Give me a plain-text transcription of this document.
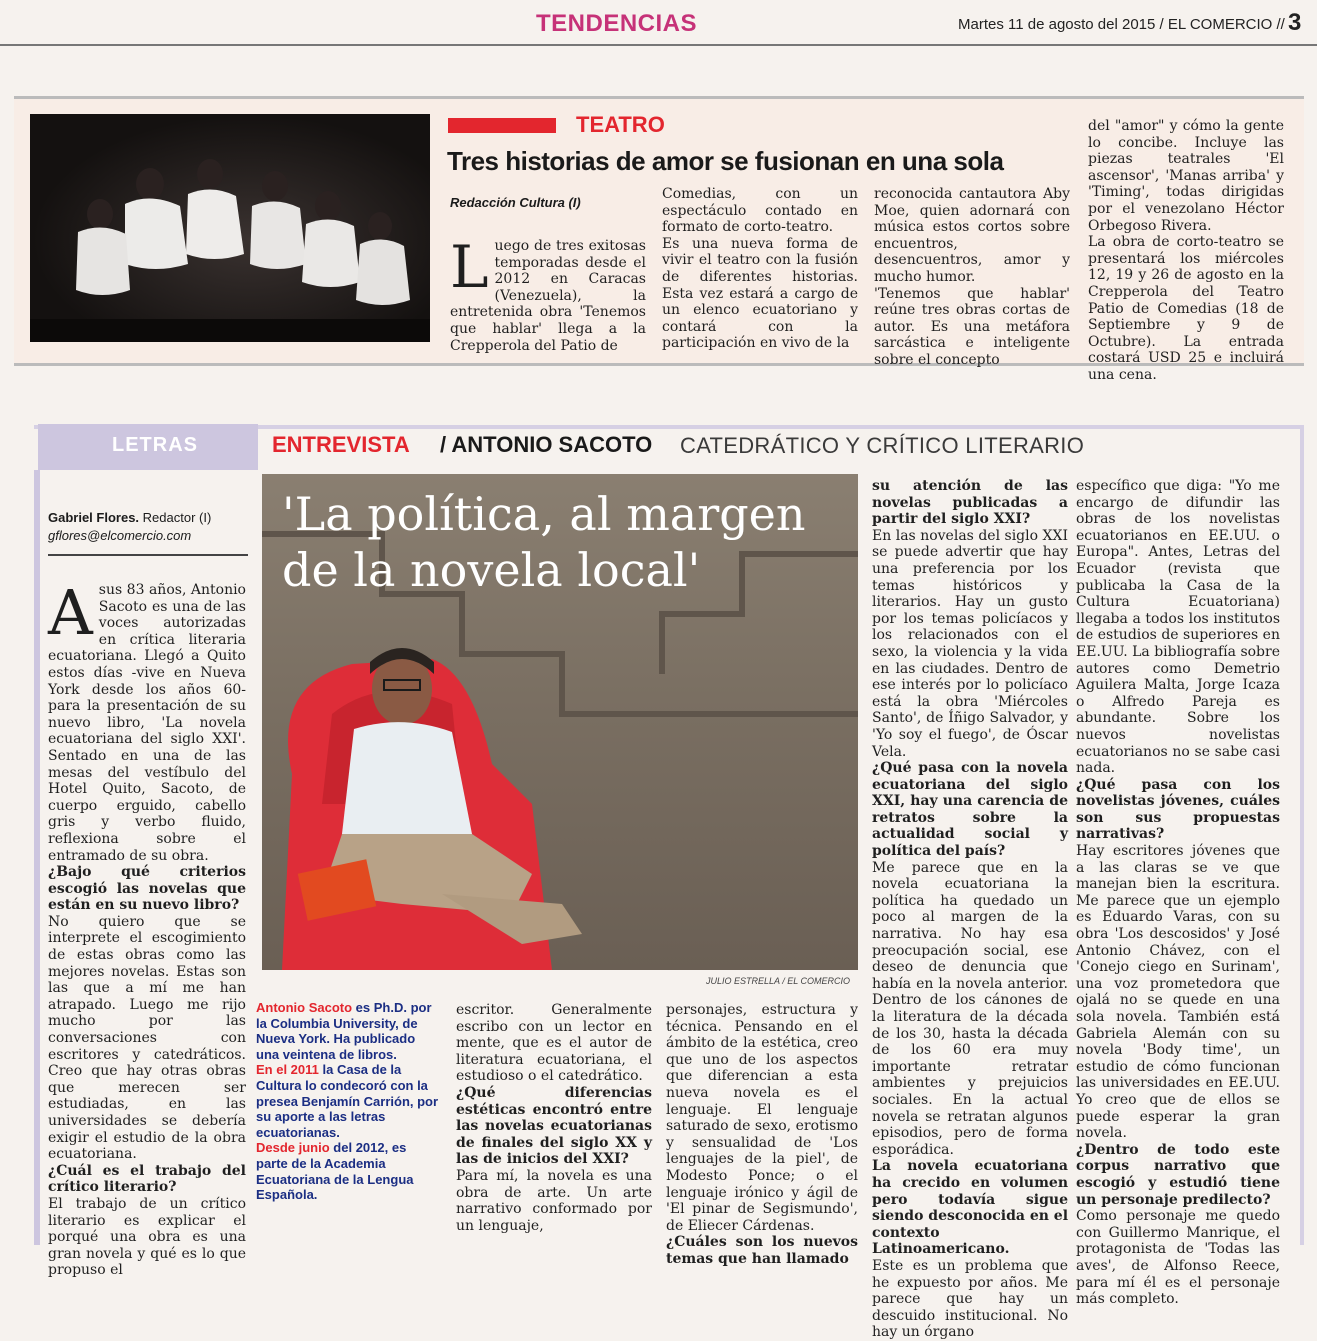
TENDENCIAS	Martes 11 de agosto del 2015 / EL COMERCIO // 3
TEATRO
Tres historias de amor se fusionan en una sola
Redacción Cultura (I)
Luego de tres exitosas temporadas desde el 2012 en Caracas (Venezuela), la entretenida obra 'Tenemos que hablar' llega a la Crepperola del Patio de
Comedias, con un espectáculo contado en formato de corto-teatro.
Es una nueva forma de vivir el teatro con la fusión de diferentes historias. Esta vez estará a cargo de un elenco ecuatoriano y contará con la participación en vivo de la
reconocida cantautora Aby Moe, quien adornará con música estos cortos sobre encuentros, desencuentros, amor y mucho humor.
'Tenemos que hablar' reúne tres obras cortas de autor. Es una metáfora sarcástica e inteligente sobre el concepto
del "amor" y cómo la gente lo concibe. Incluye las piezas teatrales 'El ascensor', 'Manas arriba' y 'Timing', todas dirigidas por el venezolano Héctor Orbegoso Rivera.
La obra de corto-teatro se presentará los miércoles 12, 19 y 26 de agosto en la Crepperola del Teatro Patio de Comedias (18 de Septiembre y 9 de Octubre). La entrada costará USD 25 e incluirá una cena.
LETRAS	ENTREVISTA / ANTONIO SACOTO CATEDRÁTICO Y CRÍTICO LITERARIO
Gabriel Flores. Redactor (I)
gflores@elcomercio.com 'La política, al margen de la novela local'
JULIO ESTRELLA / EL COMERCIO

A sus 83 años, Antonio Sacoto es una de las voces autorizadas en crítica literaria ecuatoriana. Llegó a Quito estos días -vive en Nueva York desde los años 60- para la presentación de su nuevo libro, 'La novela ecuatoriana del siglo XXI'. Sentado en una de las mesas del vestíbulo del Hotel Quito, Sacoto, de cuerpo erguido, cabello gris y verbo fluido, reflexiona sobre el entramado de su obra.

¿Bajo qué criterios escogió las novelas que están en su nuevo libro?

No quiero que se interprete el escogimiento de estas obras como las mejores novelas. Estas son las que a mí me han atrapado. Luego me rijo mucho por las conversaciones con escritores y catedráticos. Creo que hay otras obras que merecen ser estudiadas, en las universidades se debería exigir el estudio de la obra ecuatoriana.

¿Cuál es el trabajo del crítico literario?

El trabajo de un crítico literario es explicar el porqué una obra es una gran novela y qué es lo que propuso el

Antonio Sacoto es Ph.D. por la Columbia University, de Nueva York. Ha publicado una veintena de libros.
En el 2011 la Casa de la Cultura lo condecoró con la presea Benjamín Carrión, por su aporte a las letras ecuatorianas.
Desde junio del 2012, es parte de la Academia Ecuatoriana de la Lengua Española.

escritor. Generalmente escribo con un lector en mente, que es el autor de literatura ecuatoriana, el estudioso o el catedrático.

¿Qué diferencias estéticas encontró entre las novelas ecuatorianas de finales del siglo XX y las de inicios del XXI?

Para mí, la novela es una obra de arte. Un arte narrativo conformado por un lenguaje,

personajes, estructura y técnica. Pensando en el ámbito de la estética, creo que uno de los aspectos que diferencian a esta nueva novela es el lenguaje. El lenguaje saturado de sexo, erotismo y sensualidad de 'Los lenguajes de la piel', de Modesto Ponce; o el lenguaje irónico y ágil de 'El pinar de Segismundo', de Eliecer Cárdenas.

¿Cuáles son los nuevos temas que han llamado

su atención de las novelas publicadas a partir del siglo XXI?

En las novelas del siglo XXI se puede advertir que hay una preferencia por los temas históricos y literarios. Hay un gusto por los temas policíacos y los relacionados con el sexo, la violencia y la vida en las ciudades. Dentro de ese interés por lo policíaco está la obra 'Miércoles Santo', de Íñigo Salvador, y 'Yo soy el fuego', de Óscar Vela.

¿Qué pasa con la novela ecuatoriana del siglo XXI, hay una carencia de retratos sobre la actualidad social y política del país?

Me parece que en la novela ecuatoriana la política ha quedado un poco al margen de la narrativa. No hay esa preocupación social, ese deseo de denuncia que había en la novela anterior. Dentro de los cánones de la literatura de la década de los 30, hasta la década de los 60 era muy importante retratar ambientes y prejuicios sociales. En la actual novela se retratan algunos episodios, pero de forma esporádica.

La novela ecuatoriana ha crecido en volumen pero todavía sigue siendo desconocida en el contexto Latinoamericano.

Este es un problema que he expuesto por años. Me parece que hay un descuido institucional. No hay un órgano

específico que diga: "Yo me encargo de difundir las obras de los novelistas ecuatorianos en EE.UU. o Europa". Antes, Letras del Ecuador (revista que publicaba la Casa de la Cultura Ecuatoriana) llegaba a todos los institutos de estudios de superiores en EE.UU. La bibliografía sobre autores como Demetrio Aguilera Malta, Jorge Icaza o Alfredo Pareja es abundante. Sobre los nuevos novelistas ecuatorianos no se sabe casi nada.

¿Qué pasa con los novelistas jóvenes, cuáles son sus propuestas narrativas?

Hay escritores jóvenes que a las claras se ve que manejan bien la escritura. Me parece que un ejemplo es Eduardo Varas, con su obra 'Los descosidos' y José Antonio Chávez, con el 'Conejo ciego en Surinam', una voz prometedora que ojalá no se quede en una sola novela. También está Gabriela Alemán con su novela 'Body time', un estudio de cómo funcionan las universidades en EE.UU. Yo creo que de ellos se puede esperar la gran novela.

¿Dentro de todo este corpus narrativo que escogió y estudió tiene un personaje predilecto?

Como personaje me quedo con Guillermo Manrique, el protagonista de 'Todas las aves', de Alfonso Reece, para mí él es el personaje más completo.
